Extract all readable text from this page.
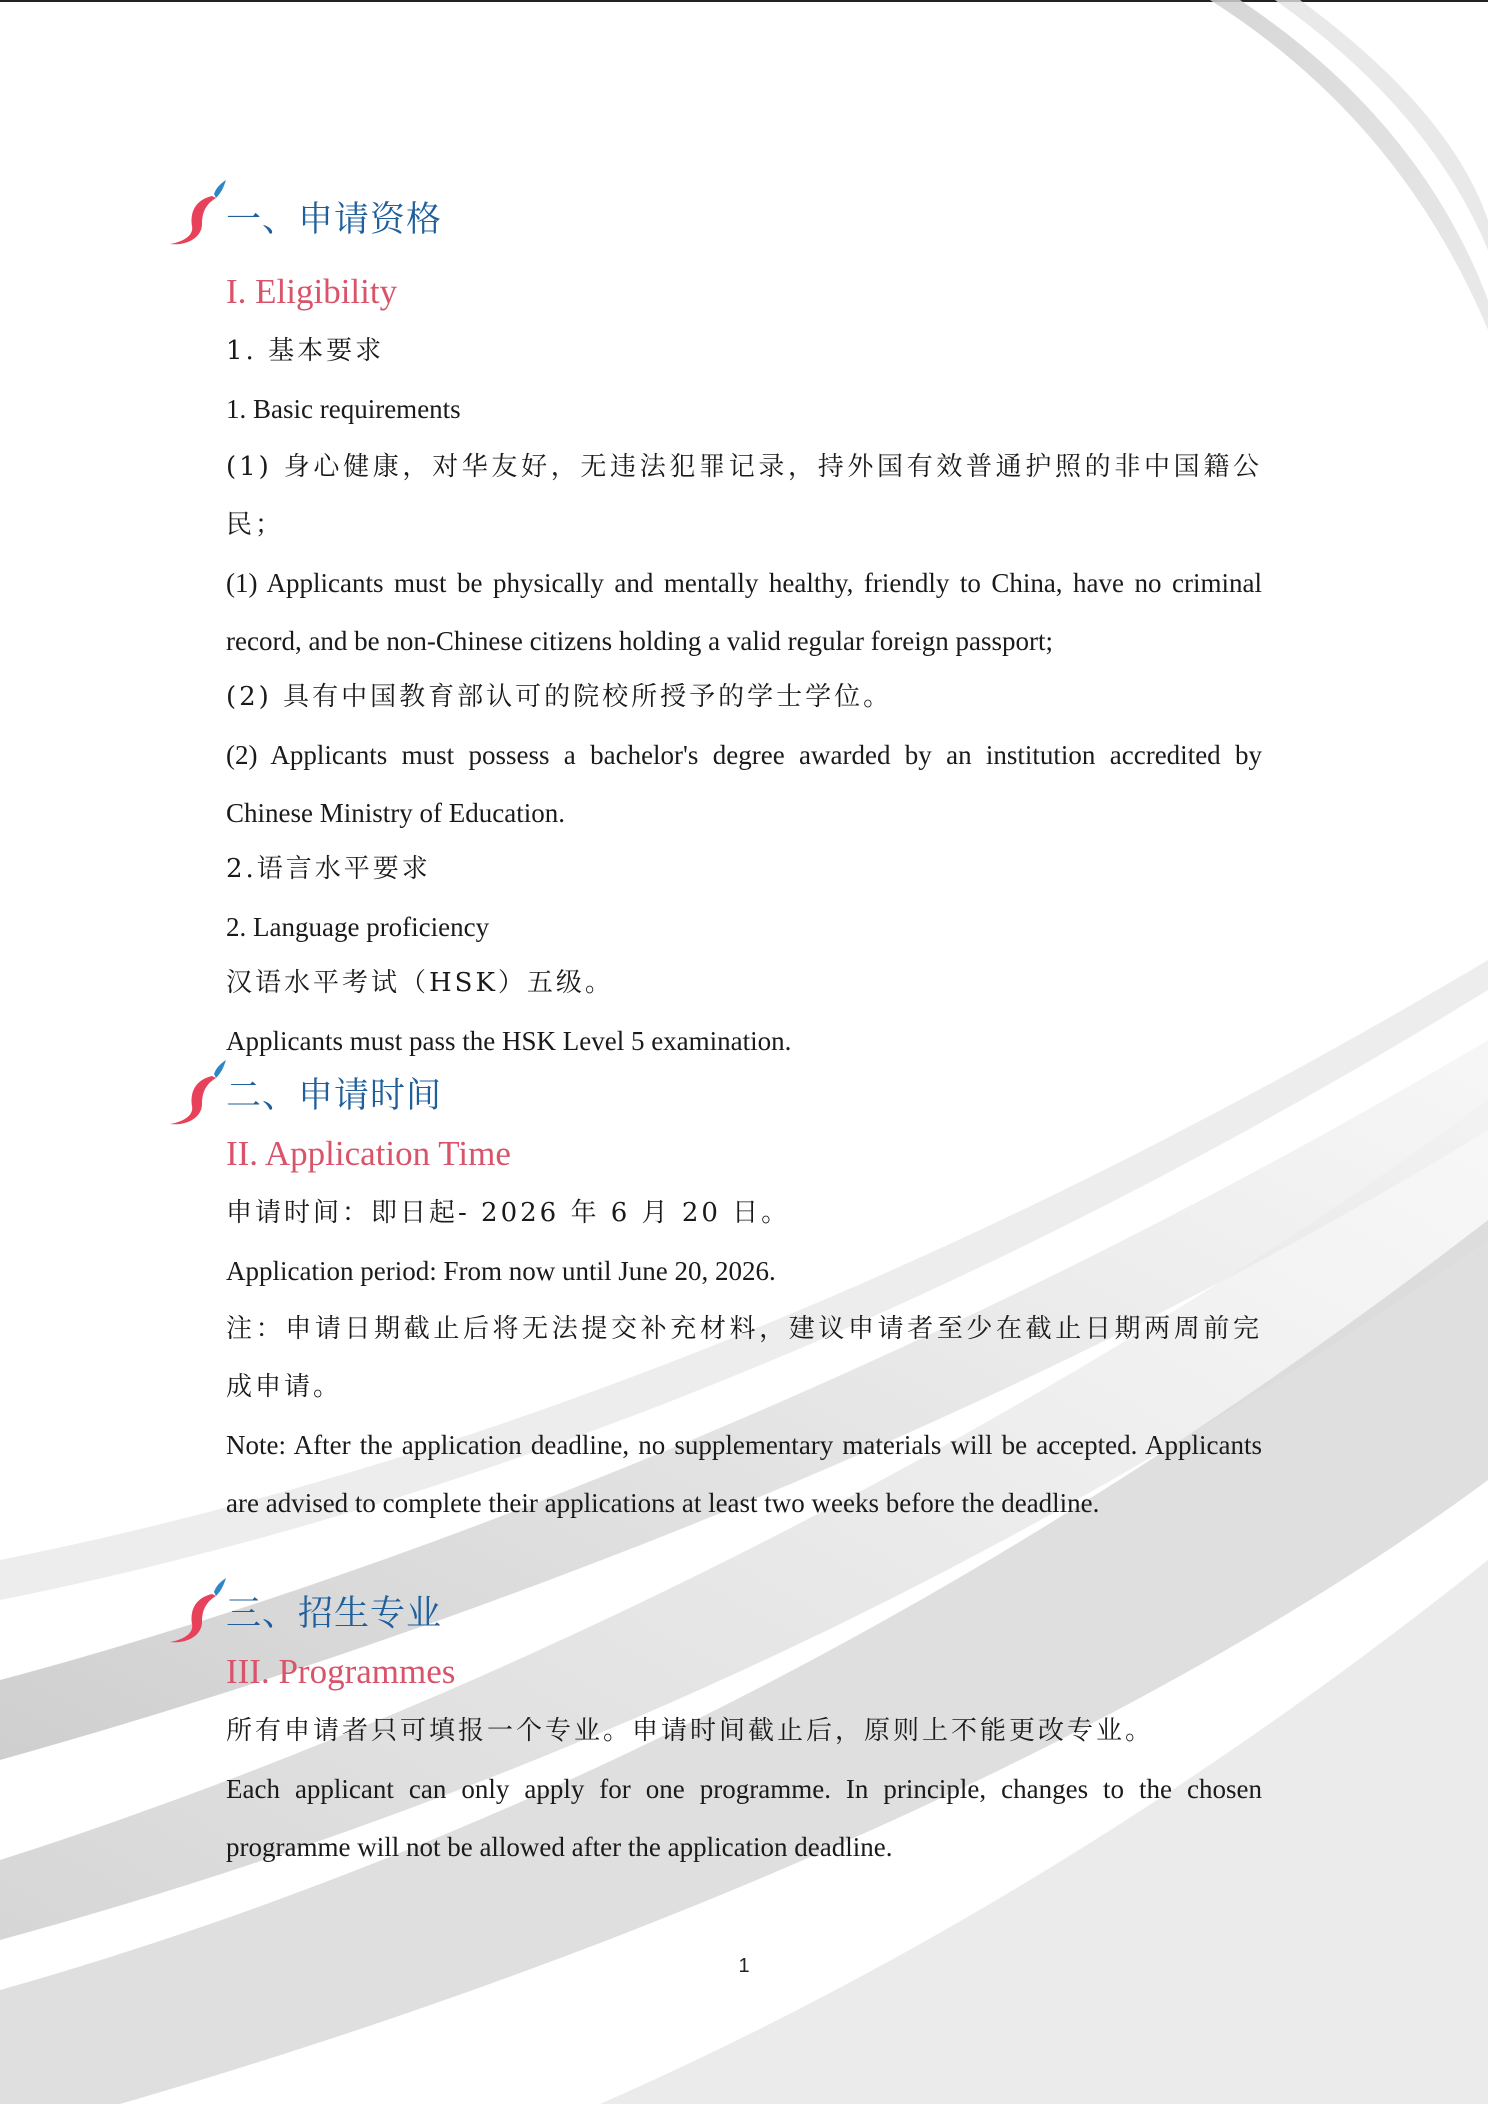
一、申请资格
I. Eligibility

1. 基本要求

1. Basic requirements

(1) 身心健康，对华友好，无违法犯罪记录，持外国有效普通护照的非中国籍公民；

(1) Applicants must be physically and mentally healthy, friendly to China, have no criminal record, and be non-Chinese citizens holding a valid regular foreign passport;

(2) 具有中国教育部认可的院校所授予的学士学位。

(2) Applicants must possess a bachelor's degree awarded by an institution accredited by Chinese Ministry of Education.

2.语言水平要求

2. Language proficiency

汉语水平考试（HSK）五级。

Applicants must pass the HSK Level 5 examination.

二、申请时间
II. Application Time

申请时间：即日起- 2026 年 6 月 20 日。

Application period: From now until June 20, 2026.

注：申请日期截止后将无法提交补充材料，建议申请者至少在截止日期两周前完成申请。

Note: After the application deadline, no supplementary materials will be accepted. Applicants are advised to complete their applications at least two weeks before the deadline.

三、招生专业
III. Programmes

所有申请者只可填报一个专业。申请时间截止后，原则上不能更改专业。

Each applicant can only apply for one programme. In principle, changes to the chosen programme will not be allowed after the application deadline.

1
